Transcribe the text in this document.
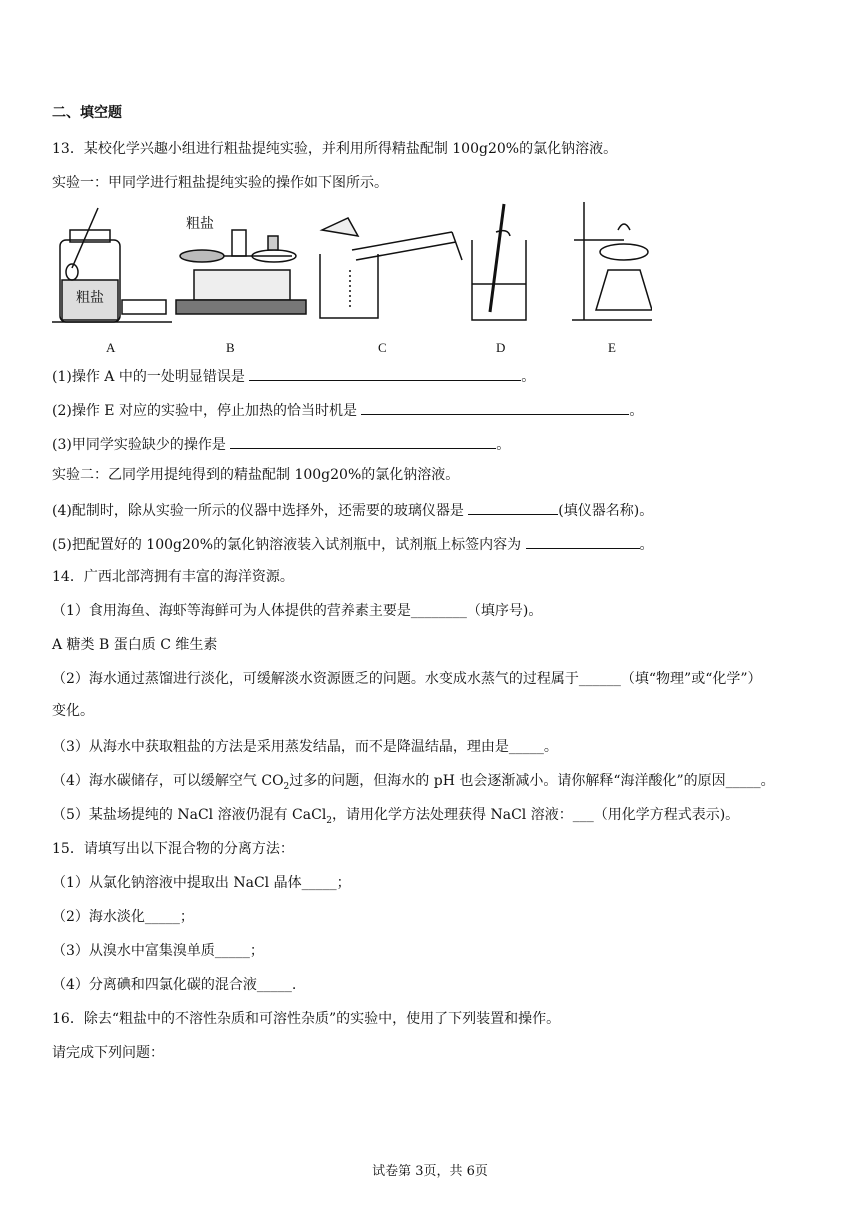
二、填空题
13．某校化学兴趣小组进行粗盐提纯实验，并利用所得精盐配制 100g20%的氯化钠溶液。
实验一：甲同学进行粗盐提纯实验的操作如下图所示。
粗盐
粗盐
A	B	C	D	E
(1)操作 A 中的一处明显错误是	。
(2)操作 E 对应的实验中，停止加热的恰当时机是	。
(3)甲同学实验缺少的操作是	。
实验二：乙同学用提纯得到的精盐配制 100g20%的氯化钠溶液。
(4)配制时，除从实验一所示的仪器中选择外，还需要的玻璃仪器是	(填仪器名称)。
(5)把配置好的 100g20%的氯化钠溶液装入试剂瓶中，试剂瓶上标签内容为	。
14．广西北部湾拥有丰富的海洋资源。
（1）食用海鱼、海虾等海鲜可为人体提供的营养素主要是________（填序号)。
A 糖类 B 蛋白质 C 维生素
（2）海水通过蒸馏进行淡化，可缓解淡水资源匮乏的问题。水变成水蒸气的过程属于______（填“物理”或“化学”）
变化。
（3）从海水中获取粗盐的方法是采用蒸发结晶，而不是降温结晶，理由是_____。
（4）海水碳储存，可以缓解空气 $CO_2$过多的问题，但海水的 pH 也会逐渐减小。请你解释“海洋酸化”的原因_____。
（5）某盐场提纯的 NaCl 溶液仍混有 CaCl$_2$，请用化学方法处理获得 NaCl 溶液：___（用化学方程式表示)。
15．请填写出以下混合物的分离方法：
（1）从氯化钠溶液中提取出 NaCl 晶体_____；
（2）海水淡化_____；
（3）从溴水中富集溴单质_____；
（4）分离碘和四氯化碳的混合液_____.
16．除去“粗盐中的不溶性杂质和可溶性杂质”的实验中，使用了下列装置和操作。
请完成下列问题：
试卷第 3页，共 6页
